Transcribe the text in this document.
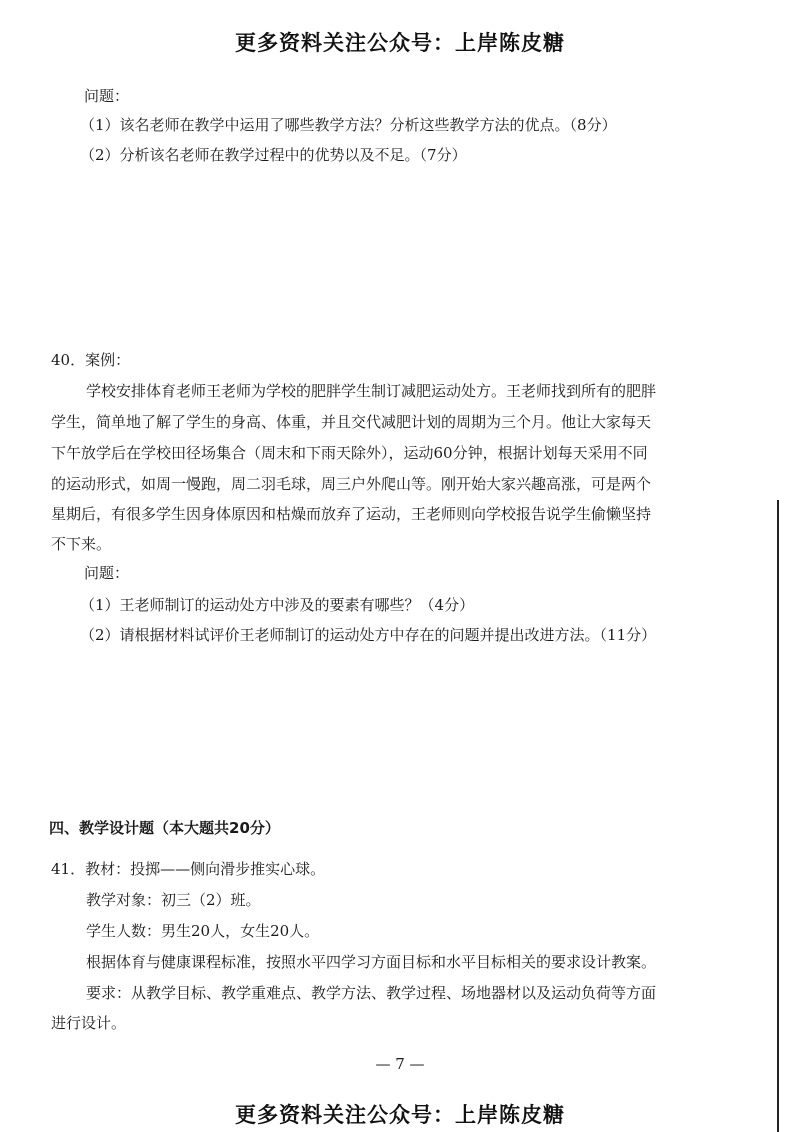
更多资料关注公众号：上岸陈皮糖
问题：
（1）该名老师在教学中运用了哪些教学方法？分析这些教学方法的优点。（8分）
（2）分析该名老师在教学过程中的优势以及不足。（7分）
40．案例：
学校安排体育老师王老师为学校的肥胖学生制订减肥运动处方。王老师找到所有的肥胖
学生，简单地了解了学生的身高、体重，并且交代减肥计划的周期为三个月。他让大家每天
下午放学后在学校田径场集合（周末和下雨天除外），运动60分钟，根据计划每天采用不同
的运动形式，如周一慢跑，周二羽毛球，周三户外爬山等。刚开始大家兴趣高涨，可是两个
星期后，有很多学生因身体原因和枯燥而放弃了运动，王老师则向学校报告说学生偷懒坚持
不下来。
问题：
（1）王老师制订的运动处方中涉及的要素有哪些？（4分）
（2）请根据材料试评价王老师制订的运动处方中存在的问题并提出改进方法。（11分）
四、教学设计题（本大题共20分）
41．教材：投掷——侧向滑步推实心球。
教学对象：初三（2）班。
学生人数：男生20人，女生20人。
根据体育与健康课程标准，按照水平四学习方面目标和水平目标相关的要求设计教案。
要求：从教学目标、教学重难点、教学方法、教学过程、场地器材以及运动负荷等方面
进行设计。
— 7 —
更多资料关注公众号：上岸陈皮糖
